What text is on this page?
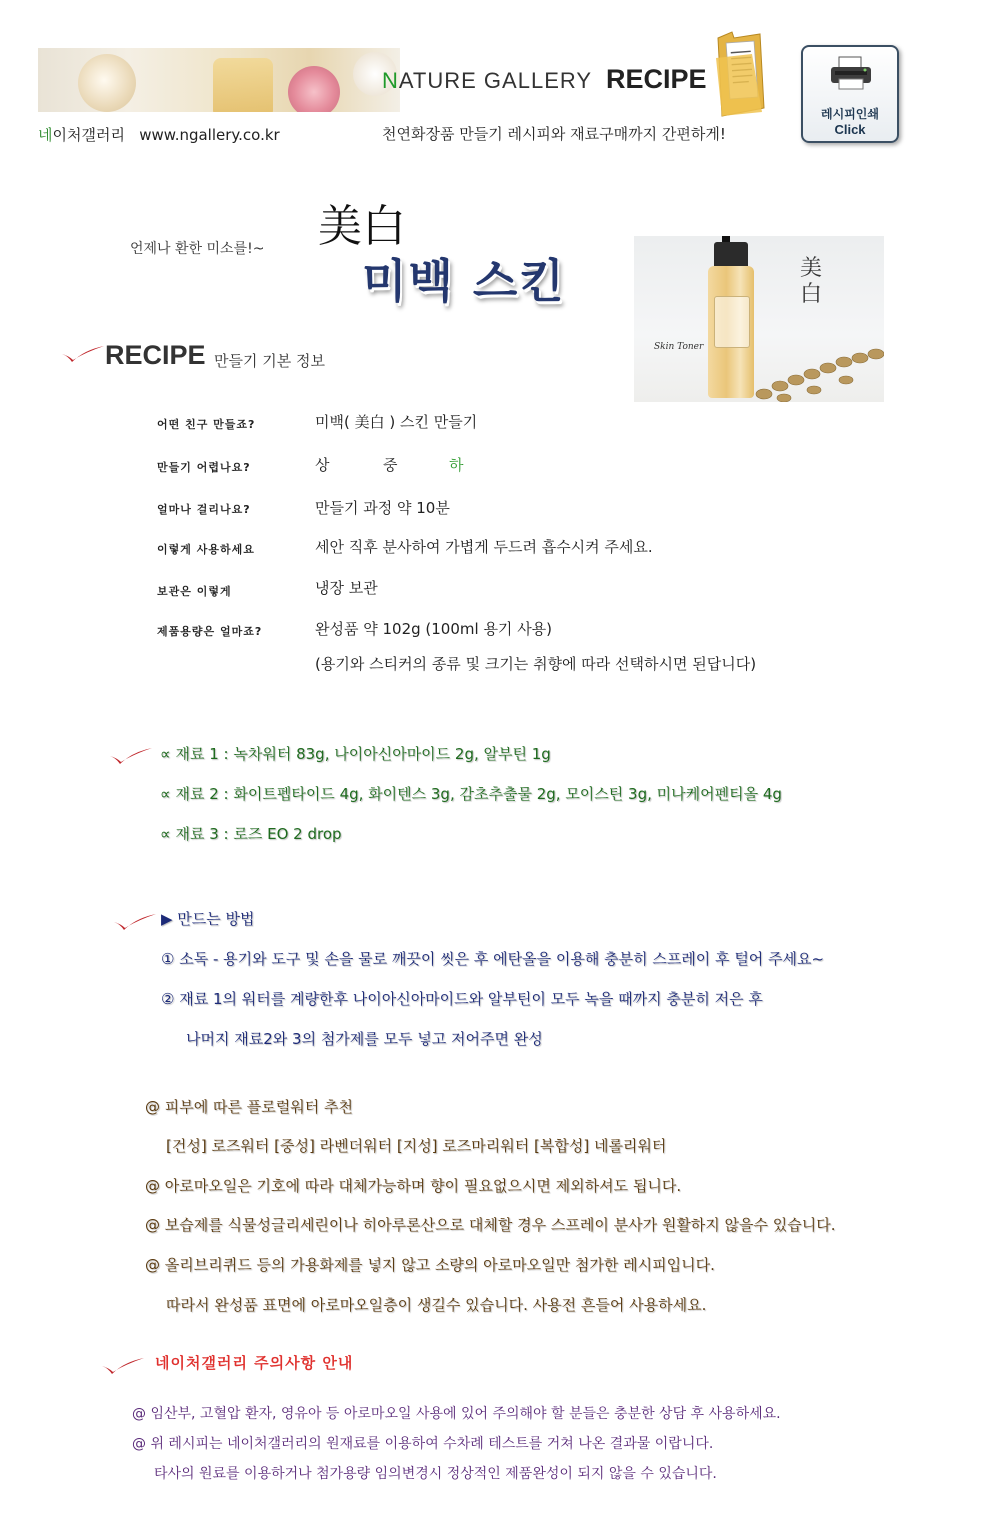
네이처갤러리 www.ngallery.co.kr
NATURE GALLERY RECIPE
천연화장품 만들기 레시피와 재료구매까지 간편하게!
레시피인쇄
Click
언제나 환한 미소를!~ 美白
미백 스킨	美
白
Skin Toner
RECIPE 만들기 기본 정보
어떤 친구 만들죠?	미백( 美白 ) 스킨 만들기
만들기 어렵나요?	상	중	하
얼마나 걸리나요?	만들기 과정 약 10분
이렇게 사용하세요	세안 직후 분사하여 가볍게 두드려 흡수시켜 주세요.
보관은 이렇게	냉장 보관
제품용량은 얼마죠?	완성품 약 102g (100ml 용기 사용)
(용기와 스티커의 종류 및 크기는 취향에 따라 선택하시면 된답니다)
∝ 재료 1 : 녹차워터 83g, 나이아신아마이드 2g, 알부틴 1g
∝ 재료 2 : 화이트펩타이드 4g, 화이텐스 3g, 감초추출물 2g, 모이스틴 3g, 미나케어펜티올 4g
∝ 재료 3 : 로즈 EO 2 drop
▶ 만드는 방법
① 소독 - 용기와 도구 및 손을 물로 깨끗이 씻은 후 에탄올을 이용해 충분히 스프레이 후 털어 주세요~
② 재료 1의 워터를 계량한후 나이아신아마이드와 알부틴이 모두 녹을 때까지 충분히 저은 후
나머지 재료2와 3의 첨가제를 모두 넣고 저어주면 완성
@ 피부에 따른 플로럴워터 추천
[건성] 로즈워터 [중성] 라벤더워터 [지성] 로즈마리워터 [복합성] 네롤리워터
@ 아로마오일은 기호에 따라 대체가능하며 향이 필요없으시면 제외하셔도 됩니다.
@ 보습제를 식물성글리세린이나 히아루론산으로 대체할 경우 스프레이 분사가 원활하지 않을수 있습니다.
@ 올리브리퀴드 등의 가용화제를 넣지 않고 소량의 아로마오일만 첨가한 레시피입니다.
따라서 완성품 표면에 아로마오일층이 생길수 있습니다. 사용전 흔들어 사용하세요.
네이처갤러리 주의사항 안내
@ 임산부, 고혈압 환자, 영유아 등 아로마오일 사용에 있어 주의해야 할 분들은 충분한 상담 후 사용하세요.
@ 위 레시피는 네이처갤러리의 원재료를 이용하여 수차례 테스트를 거쳐 나온 결과물 이랍니다.
타사의 원료를 이용하거나 첨가용량 임의변경시 정상적인 제품완성이 되지 않을 수 있습니다.
